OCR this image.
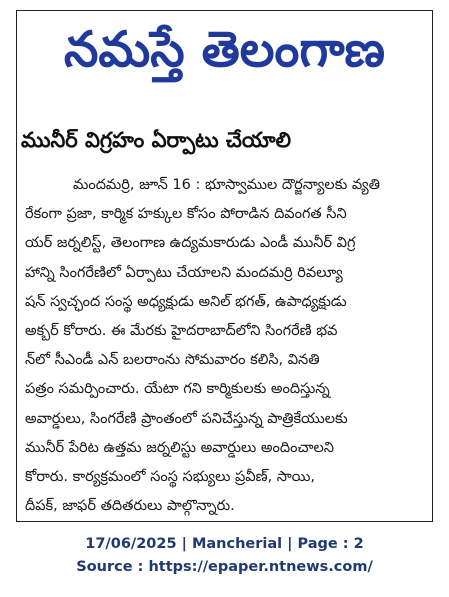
నమస్తే తెలంగాణ
మునీర్‌ విగ్రహం ఏర్పాటు చేయాలి
మందమర్రి, జూన్‌ 16 : భూస్వాముల దౌర్జన్యాలకు వ్యతి
రేకంగా ప్రజా, కార్మిక హక్కుల కోసం పోరాడిన దివంగత సీని
యర్‌ జర్నలిస్ట్‌, తెలంగాణ ఉద్యమకారుడు ఎండీ మునీర్‌ విగ్ర
హాన్ని సింగరేణిలో ఏర్పాటు చేయాలని మందమర్రి రివల్యూ
షన్‌ స్వచ్ఛంద సంస్థ అధ్యక్షుడు అనిల్‌ భగత్‌, ఉపాధ్యక్షుడు
అక్బర్‌ కోరారు. ఈ మేరకు హైదరాబాద్‌లోని సింగరేణి భవ
న్‌లో సీఎండీ ఎన్‌ బలరాంను సోమవారం కలిసి, వినతి
పత్రం సమర్పించారు. యేటా గని కార్మికులకు అందిస్తున్న
అవార్డులు, సింగరేణి ప్రాంతంలో పనిచేస్తున్న పాత్రికేయులకు
మునీర్‌ పేరిట ఉత్తమ జర్నలిస్టు అవార్డులు అందించాలని
కోరారు. కార్యక్రమంలో సంస్థ సభ్యులు ప్రవీణ్‌, సాయి,
దీపక్‌, జాఫర్‌ తదితరులు పాల్గొన్నారు.
17/06/2025 | Mancherial | Page : 2
Source : https://epaper.ntnews.com/
